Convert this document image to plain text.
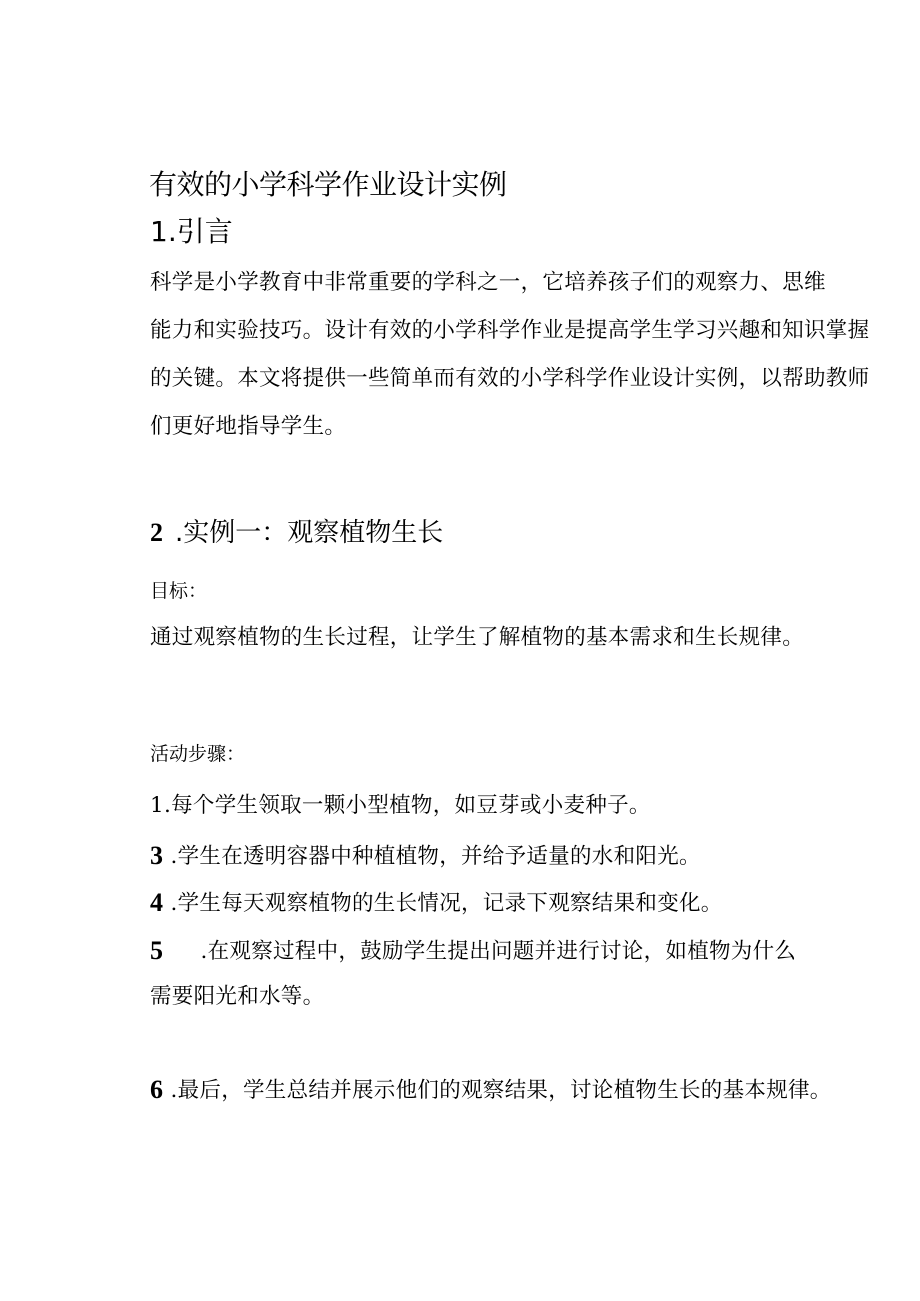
有效的小学科学作业设计实例
1.引言
科学是小学教育中非常重要的学科之一，它培养孩子们的观察力、思维
能力和实验技巧。设计有效的小学科学作业是提高学生学习兴趣和知识掌握
的关键。本文将提供一些简单而有效的小学科学作业设计实例，以帮助教师
们更好地指导学生。
2 .实例一：观察植物生长
目标：
通过观察植物的生长过程，让学生了解植物的基本需求和生长规律。
活动步骤：
1.每个学生领取一颗小型植物，如豆芽或小麦种子。
3 .学生在透明容器中种植植物，并给予适量的水和阳光。
4 .学生每天观察植物的生长情况，记录下观察结果和变化。
5 .在观察过程中，鼓励学生提出问题并进行讨论，如植物为什么
需要阳光和水等。
6 .最后，学生总结并展示他们的观察结果，讨论植物生长的基本规律。
